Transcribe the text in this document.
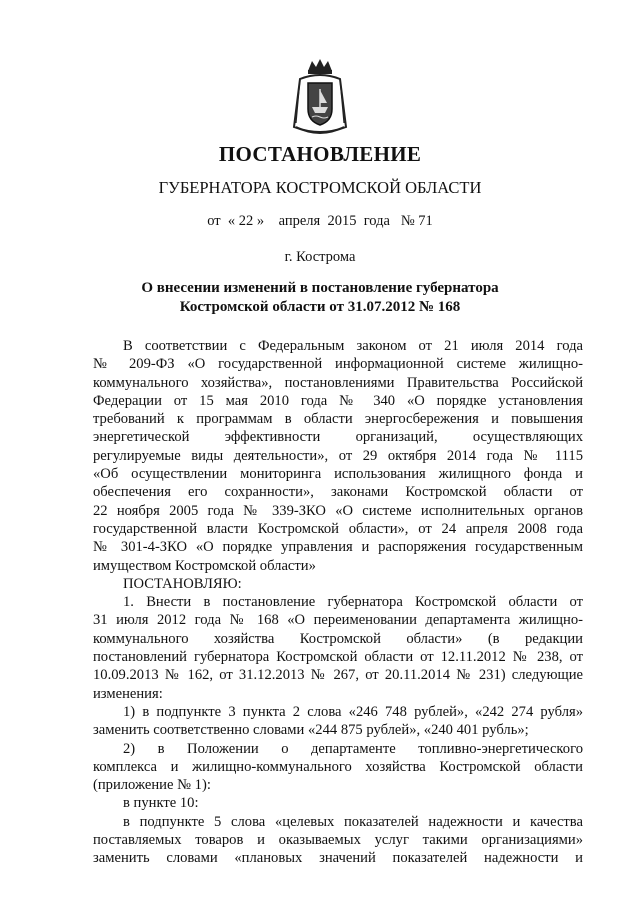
ПОСТАНОВЛЕНИЕ
ГУБЕРНАТОРА КОСТРОМСКОЙ ОБЛАСТИ
от « 22 » апреля 2015 года № 71
г. Кострома
О внесении изменений в постановление губернатора
Костромской области от 31.07.2012 № 168

В соответствии с Федеральным законом от 21 июля 2014 года

№ 209-ФЗ «О государственной информационной системе жилищно-

коммунального хозяйства», постановлениями Правительства Российской

Федерации от 15 мая 2010 года № 340 «О порядке установления

требований к программам в области энергосбережения и повышения

энергетической эффективности организаций, осуществляющих

регулируемые виды деятельности», от 29 октября 2014 года № 1115

«Об осуществлении мониторинга использования жилищного фонда и

обеспечения его сохранности», законами Костромской области от

22 ноября 2005 года № 339-ЗКО «О системе исполнительных органов

государственной власти Костромской области», от 24 апреля 2008 года

№ 301-4-ЗКО «О порядке управления и распоряжения государственным

имуществом Костромской области»

ПОСТАНОВЛЯЮ:

1. Внести в постановление губернатора Костромской области от

31 июля 2012 года № 168 «О переименовании департамента жилищно-

коммунального хозяйства Костромской области» (в редакции

постановлений губернатора Костромской области от 12.11.2012 № 238, от

10.09.2013 № 162, от 31.12.2013 № 267, от 20.11.2014 № 231) следующие

изменения:

1) в подпункте 3 пункта 2 слова «246 748 рублей», «242 274 рубля»

заменить соответственно словами «244 875 рублей», «240 401 рубль»;

2) в Положении о департаменте топливно-энергетического

комплекса и жилищно-коммунального хозяйства Костромской области

(приложение № 1):

в пункте 10:

в подпункте 5 слова «целевых показателей надежности и качества

поставляемых товаров и оказываемых услуг такими организациями»

заменить словами «плановых значений показателей надежности и
